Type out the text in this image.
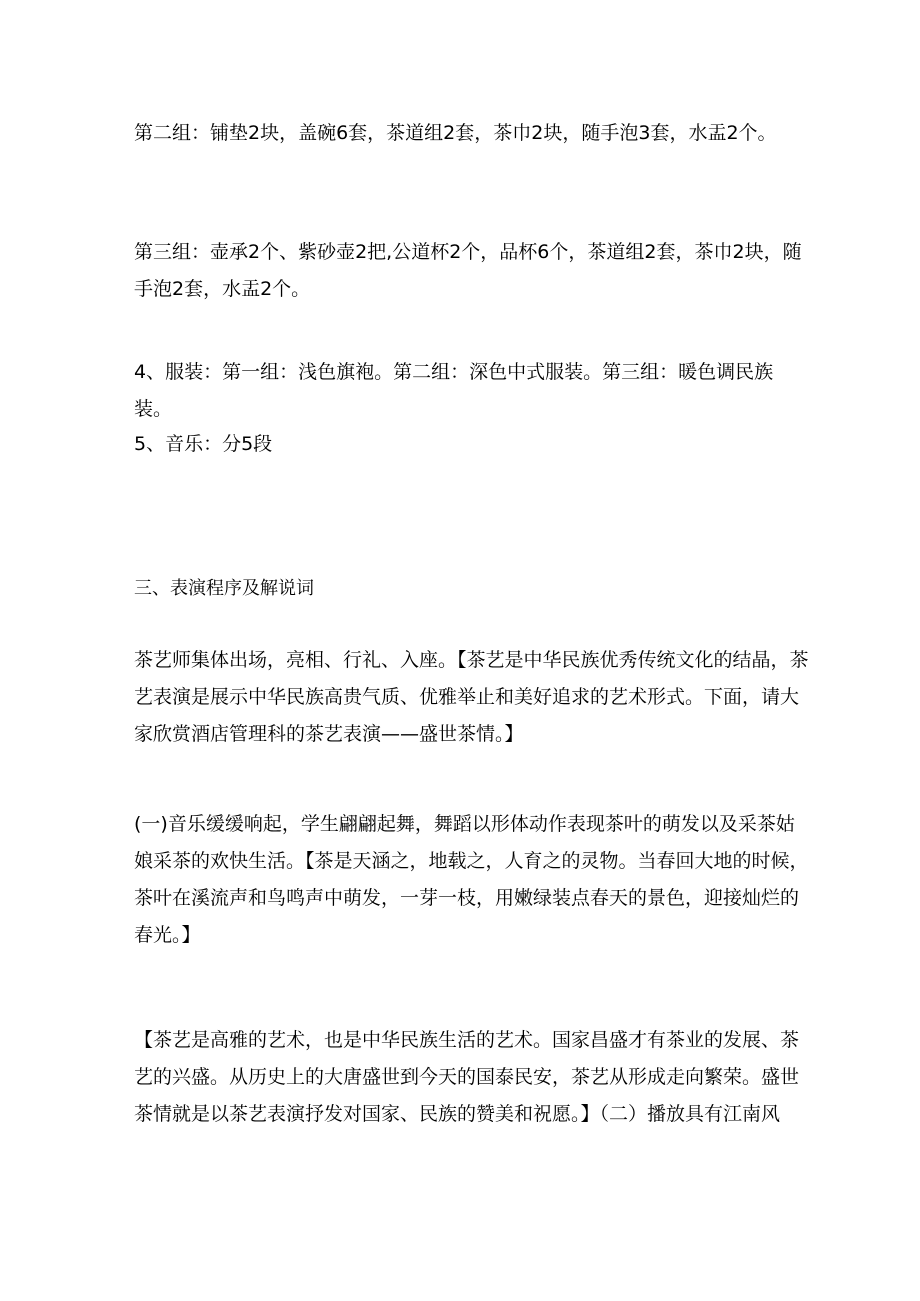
第二组：铺垫2块，盖碗6套，茶道组2套，茶巾2块，随手泡3套，水盂2个。

第三组：壶承2个、紫砂壶2把,公道杯2个，品杯6个，茶道组2套，茶巾2块，随手泡2套，水盂2个。

4、服装：第一组：浅色旗袍。第二组：深色中式服装。第三组：暖色调民族装。

5、音乐：分5段

三、表演程序及解说词

茶艺师集体出场，亮相、行礼、入座。【茶艺是中华民族优秀传统文化的结晶，茶艺表演是展示中华民族高贵气质、优雅举止和美好追求的艺术形式。下面，请大家欣赏酒店管理科的茶艺表演——盛世茶情。】

(一)音乐缓缓响起，学生翩翩起舞，舞蹈以形体动作表现茶叶的萌发以及采茶姑娘采茶的欢快生活。【茶是天涵之，地载之，人育之的灵物。当春回大地的时候，茶叶在溪流声和鸟鸣声中萌发，一芽一枝，用嫩绿装点春天的景色，迎接灿烂的春光。】

【茶艺是高雅的艺术，也是中华民族生活的艺术。国家昌盛才有茶业的发展、茶艺的兴盛。从历史上的大唐盛世到今天的国泰民安，茶艺从形成走向繁荣。盛世茶情就是以茶艺表演抒发对国家、民族的赞美和祝愿。】（二）播放具有江南风
